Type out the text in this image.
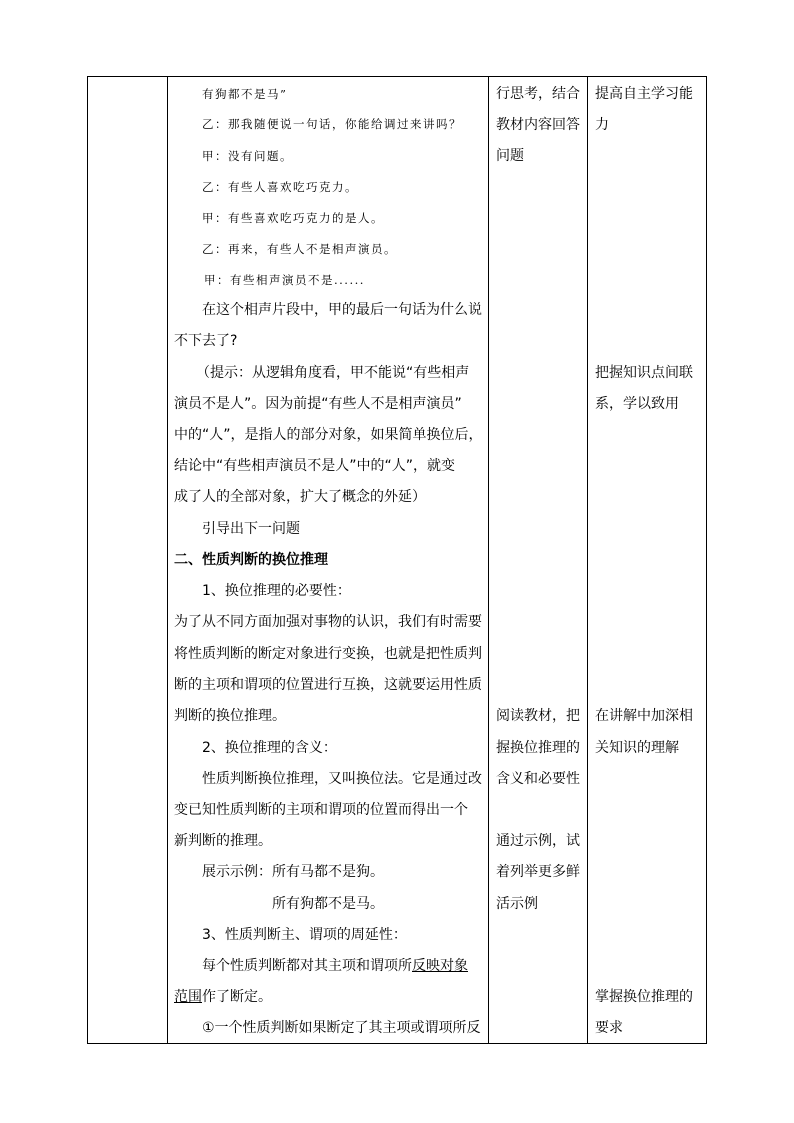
有狗都不是马”
乙：那我随便说一句话，你能给调过来讲吗？
甲：没有问题。
乙：有些人喜欢吃巧克力。
甲：有些喜欢吃巧克力的是人。
乙：再来，有些人不是相声演员。
甲：有些相声演员不是......
在这个相声片段中，甲的最后一句话为什么说
不下去了?
（提示：从逻辑角度看，甲不能说“有些相声
演员不是人”。因为前提“有些人不是相声演员”
中的“人”，是指人的部分对象，如果简单换位后，
结论中“有些相声演员不是人”中的“人”，就变
成了人的全部对象，扩大了概念的外延）
引导出下一问题
二、性质判断的换位推理
1、换位推理的必要性：
为了从不同方面加强对事物的认识，我们有时需要
将性质判断的断定对象进行变换，也就是把性质判
断的主项和谓项的位置进行互换，这就要运用性质
判断的换位推理。
2、换位推理的含义：
性质判断换位推理，又叫换位法。它是通过改
变已知性质判断的主项和谓项的位置而得出一个
新判断的推理。
展示示例：所有马都不是狗。
所有狗都不是马。
3、性质判断主、谓项的周延性：
每个性质判断都对其主项和谓项所反映对象
范围作了断定。
①一个性质判断如果断定了其主项或谓项所反
行思考，结合
教材内容回答
问题
阅读教材，把
握换位推理的
含义和必要性
通过示例，试
着列举更多鲜
活示例
提高自主学习能
力
把握知识点间联
系，学以致用
在讲解中加深相
关知识的理解
掌握换位推理的
要求
